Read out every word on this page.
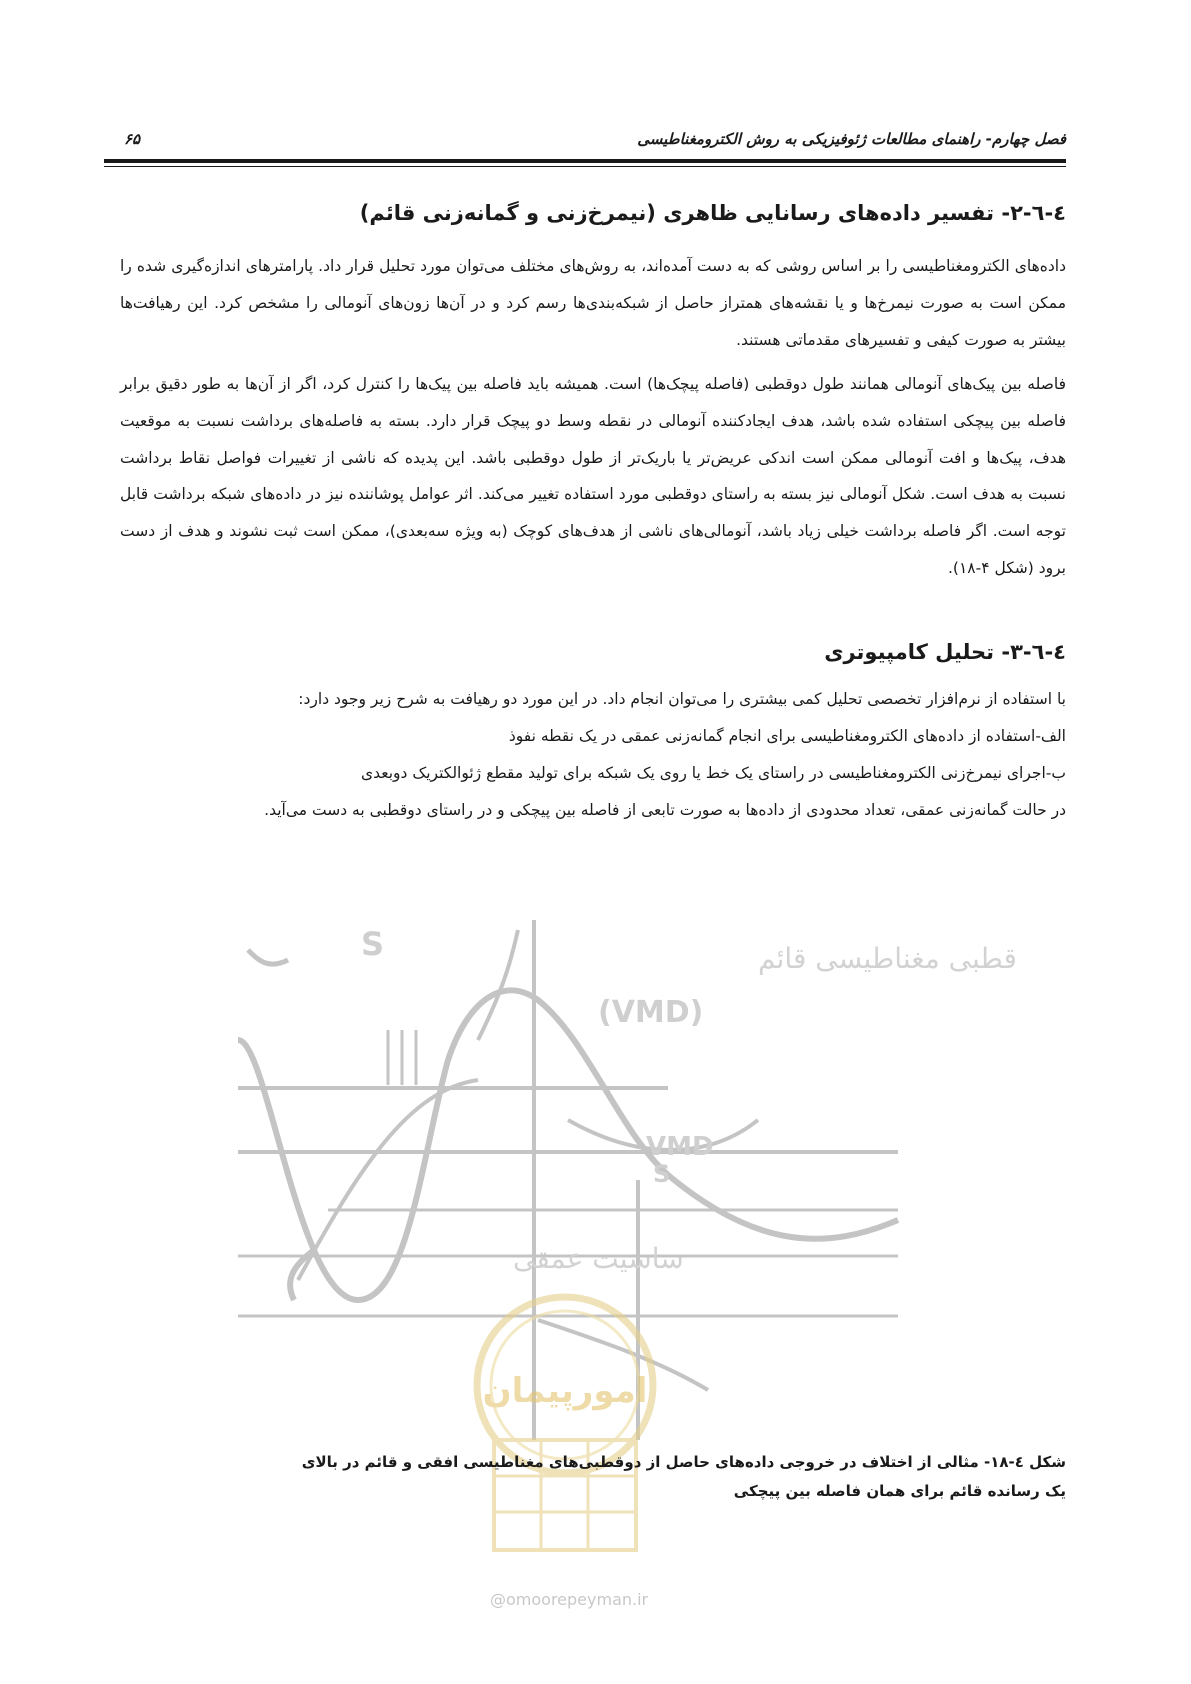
فصل چهارم- راهنمای مطالعات ژئوفیزیکی به روش الکترومغناطیسی
۶۵
٤-٦-٢- تفسیر داده‌های رسانایی ظاهری (نیمرخ‌زنی و گمانه‌زنی قائم)
داده‌های الکترومغناطیسی را بر اساس روشی که به دست آمده‌اند، به روش‌های مختلف می‌توان مورد تحلیل قرار داد. پارامترهای اندازه‌گیری شده را ممکن است به صورت نیمرخ‌ها و یا نقشه‌های همتراز حاصل از شبکه‌بندی‌ها رسم کرد و در آن‌ها زون‌های آنومالی را مشخص کرد. این رهیافت‌ها بیشتر به صورت کیفی و تفسیرهای مقدماتی هستند.
فاصله بین پیک‌های آنومالی همانند طول دوقطبی (فاصله پیچک‌ها) است. همیشه باید فاصله بین پیک‌ها را کنترل کرد، اگر از آن‌ها به طور دقیق برابر فاصله بین پیچکی استفاده شده باشد، هدف ایجادکننده آنومالی در نقطه وسط دو پیچک قرار دارد. بسته به فاصله‌های برداشت نسبت به موقعیت هدف، پیک‌ها و افت آنومالی ممکن است اندکی عریض‌تر یا باریک‌تر از طول دوقطبی باشد. این پدیده که ناشی از تغییرات فواصل نقاط برداشت نسبت به هدف است. شکل آنومالی نیز بسته به راستای دوقطبی مورد استفاده تغییر می‌کند. اثر عوامل پوشاننده نیز در داده‌های شبکه برداشت قابل توجه است. اگر فاصله برداشت خیلی زیاد باشد، آنومالی‌های ناشی از هدف‌های کوچک (به ویژه سه‌بعدی)، ممکن است ثبت نشوند و هدف از دست برود (شکل ۴-۱۸).
٤-٦-٣- تحلیل کامپیوتری
با استفاده از نرم‌افزار تخصصی تحلیل کمی بیشتری را می‌توان انجام داد. در این مورد دو رهیافت به شرح زیر وجود دارد:
الف-استفاده از داده‌های الکترومغناطیسی برای انجام گمانه‌زنی عمقی در یک نقطه نفوذ
ب-اجرای نیمرخ‌زنی الکترومغناطیسی در راستای یک خط یا روی یک شبکه برای تولید مقطع ژئوالکتریک دوبعدی
در حالت گمانه‌زنی عمقی، تعداد محدودی از داده‌ها به صورت تابعی از فاصله بین پیچکی و در راستای دوقطبی به دست می‌آید.
S
(VMD)
VMD
S
قطبی مغناطیسی قائم
ساسیت عمقی
امورپیمان
شکل ٤-١٨- مثالی از اختلاف در خروجی داده‌های حاصل از دوقطبی‌های مغناطیسی افقی و قائم در بالای
یک رسانده قائم برای همان فاصله بین پیچکی
@omoorepeyman.ir
